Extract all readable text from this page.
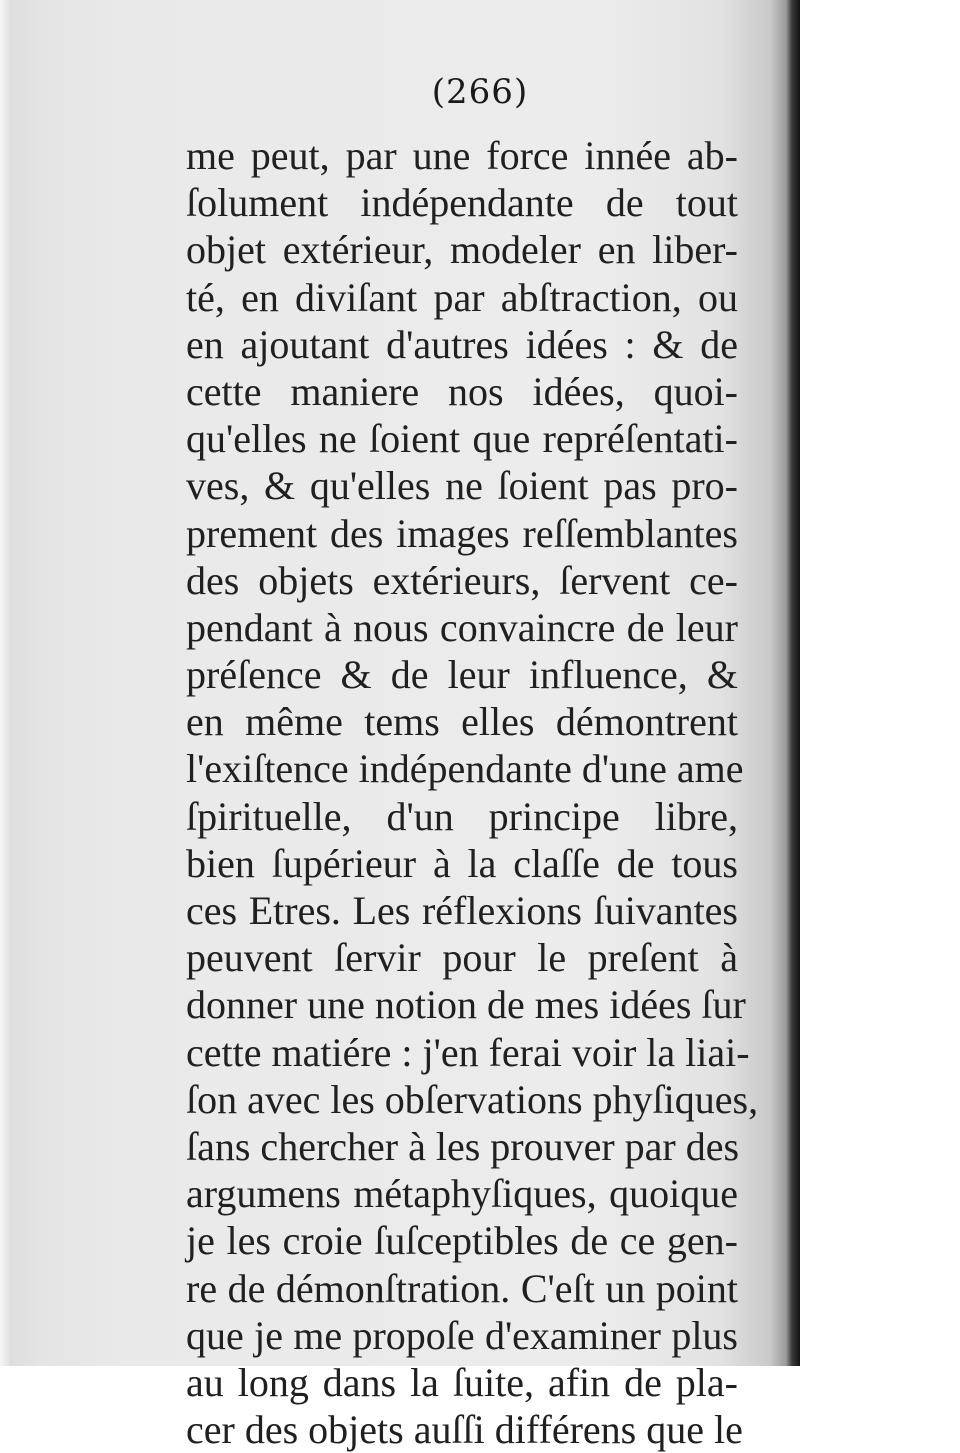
(266)
me peut, par une force innée ab-
ſolument indépendante de tout
objet extérieur, modeler en liber-
té, en diviſant par abſtraction, ou
en ajoutant d'autres idées : & de
cette maniere nos idées, quoi-
qu'elles ne ſoient que repréſentati-
ves, & qu'elles ne ſoient pas pro-
prement des images reſſemblantes
des objets extérieurs, ſervent ce-
pendant à nous convaincre de leur
préſence & de leur influence, &
en même tems elles démontrent
l'exiſtence indépendante d'une ame
ſpirituelle, d'un principe libre,
bien ſupérieur à la claſſe de tous
ces Etres. Les réflexions ſuivantes
peuvent ſervir pour le preſent à
donner une notion de mes idées ſur
cette matiére : j'en ferai voir la liai-
ſon avec les obſervations phyſiques,
ſans chercher à les prouver par des
argumens métaphyſiques, quoique
je les croie ſuſceptibles de ce gen-
re de démonſtration. C'eſt un point
que je me propoſe d'examiner plus
au long dans la ſuite, afin de pla-
cer des objets auſſi différens que le
